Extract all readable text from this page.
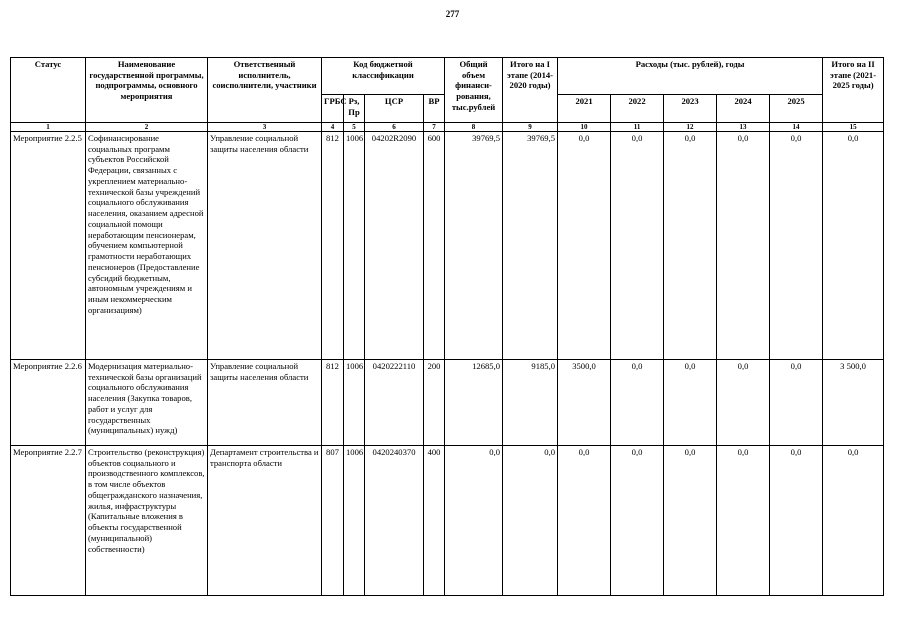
277
Статус	Наименование государственной программы, подпрограммы, основного мероприятия	Ответственный исполнитель, соисполнители, участники	Код бюджетной классификации				Общий объем финанси-рования, тыс.рублей	Итого на I этапе (2014-2020 годы)	Расходы (тыс. рублей), годы					Итого на II этапе (2021-2025 годы)
			ГРБС	Рз, Пр	ЦСР	ВР			2021	2022	2023	2024	2025	
1	2	3	4	5	6	7	8	9	10	11	12	13	14	15
Мероприятие 2.2.5	Софинансирование социальных программ субъектов Российской Федерации, связанных с укреплением материально-технической базы учреждений социального обслуживания населения, оказанием адресной социальной помощи неработающим пенсионерам, обучением компьютерной грамотности неработающих пенсионеров (Предоставление субсидий бюджетным, автономным учреждениям и иным некоммерческим организациям)	Управление социальной защиты населения области	812	1006	04202R2090	600	39769,5	39769,5	0,0	0,0	0,0	0,0	0,0	0,0
Мероприятие 2.2.6	Модернизация материально-технической базы организаций социального обслуживания населения (Закупка товаров, работ и услуг для государственных (муниципальных) нужд)	Управление социальной защиты населения области	812	1006	0420222110	200	12685,0	9185,0	3500,0	0,0	0,0	0,0	0,0	3 500,0
Мероприятие 2.2.7	Строительство (реконструкция) объектов социального и производственного комплексов, в том числе объектов общегражданского назначения, жилья, инфраструктуры (Капитальные вложения в объекты государственной (муниципальной) собственности)	Департамент строительства и транспорта области	807	1006	0420240370	400	0,0	0,0	0,0	0,0	0,0	0,0	0,0	0,0
